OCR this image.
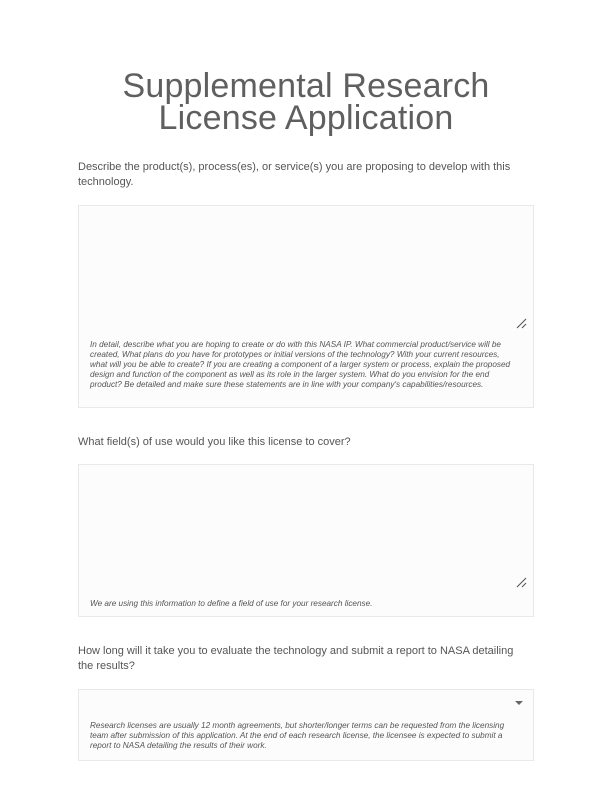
Supplemental Research License Application
Describe the product(s), process(es), or service(s) you are proposing to develop with this technology.
In detail, describe what you are hoping to create or do with this NASA IP. What commercial product/service will be created, What plans do you have for prototypes or initial versions of the technology? With your current resources, what will you be able to create? If you are creating a component of a larger system or process, explain the proposed design and function of the component as well as its role in the larger system. What do you envision for the end product? Be detailed and make sure these statements are in line with your company's capabilities/resources.
What field(s) of use would you like this license to cover?
We are using this information to define a field of use for your research license.
How long will it take you to evaluate the technology and submit a report to NASA detailing the results?
Research licenses are usually 12 month agreements, but shorter/longer terms can be requested from the licensing team after submission of this application. At the end of each research license, the licensee is expected to submit a report to NASA detailing the results of their work.
